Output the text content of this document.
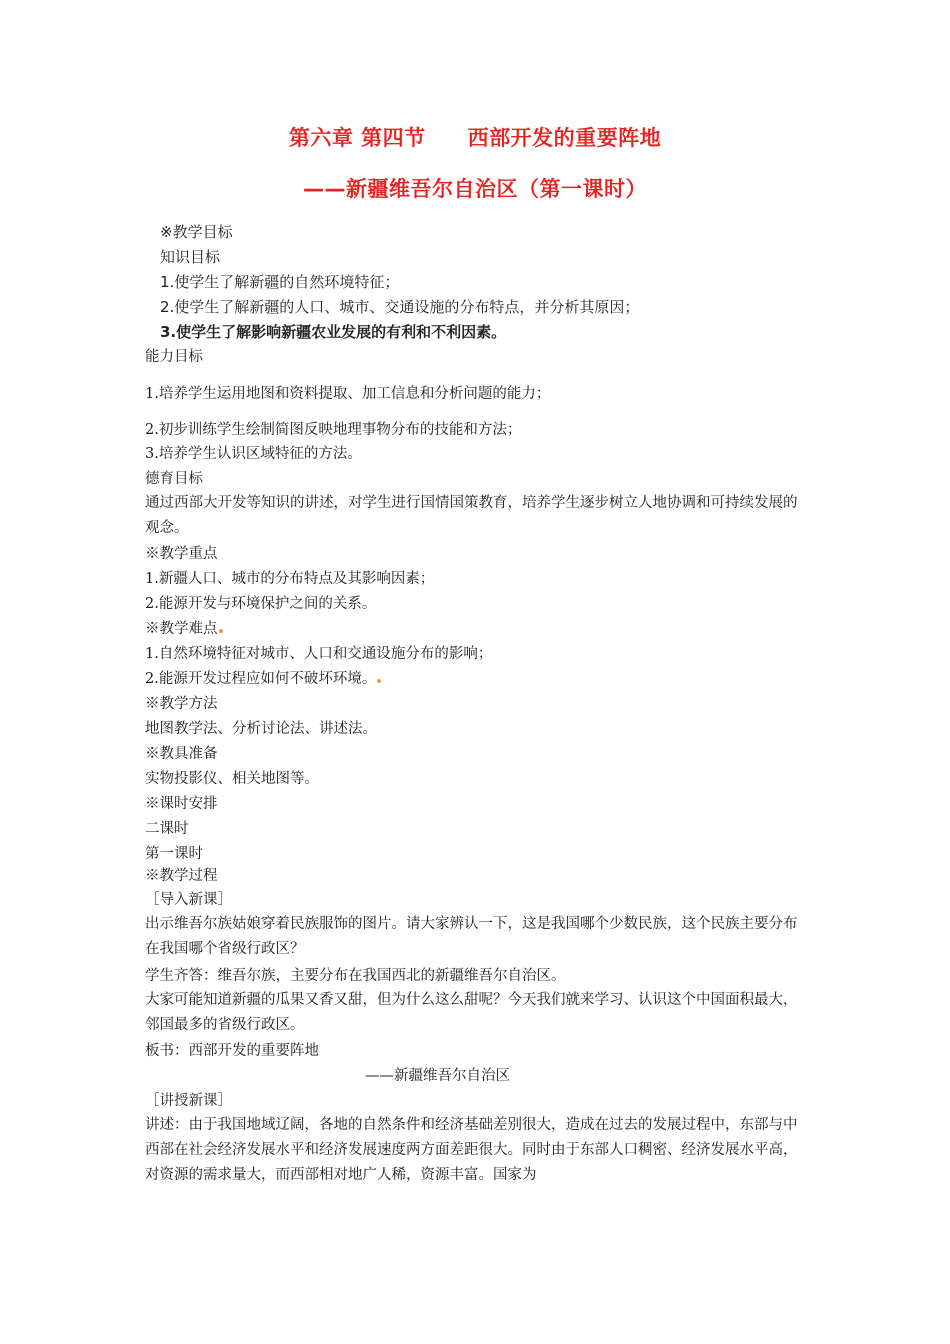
第六章 第四节 西部开发的重要阵地
——新疆维吾尔自治区（第一课时）
※教学目标
知识目标
1.使学生了解新疆的自然环境特征；
2.使学生了解新疆的人口、城市、交通设施的分布特点，并分析其原因；
3.使学生了解影响新疆农业发展的有利和不利因素。
能力目标
1.培养学生运用地图和资料提取、加工信息和分析问题的能力；
2.初步训练学生绘制简图反映地理事物分布的技能和方法；
3.培养学生认识区域特征的方法。
德育目标
通过西部大开发等知识的讲述，对学生进行国情国策教育，培养学生逐步树立人地协调和可持续发展的观念。
※教学重点
1.新疆人口、城市的分布特点及其影响因素；
2.能源开发与环境保护之间的关系。
※教学难点
1.自然环境特征对城市、人口和交通设施分布的影响；
2.能源开发过程应如何不破坏环境。
※教学方法
地图教学法、分析讨论法、讲述法。
※教具准备
实物投影仪、相关地图等。
※课时安排
二课时
第一课时
※教学过程
［导入新课］
出示维吾尔族姑娘穿着民族服饰的图片。请大家辨认一下，这是我国哪个少数民族，这个民族主要分布在我国哪个省级行政区？
学生齐答：维吾尔族，主要分布在我国西北的新疆维吾尔自治区。
大家可能知道新疆的瓜果又香又甜，但为什么这么甜呢？今天我们就来学习、认识这个中国面积最大，邻国最多的省级行政区。
板书：西部开发的重要阵地
——新疆维吾尔自治区
［讲授新课］
讲述：由于我国地域辽阔，各地的自然条件和经济基础差别很大，造成在过去的发展过程中，东部与中西部在社会经济发展水平和经济发展速度两方面差距很大。同时由于东部人口稠密、经济发展水平高，对资源的需求量大，而西部相对地广人稀，资源丰富。国家为
